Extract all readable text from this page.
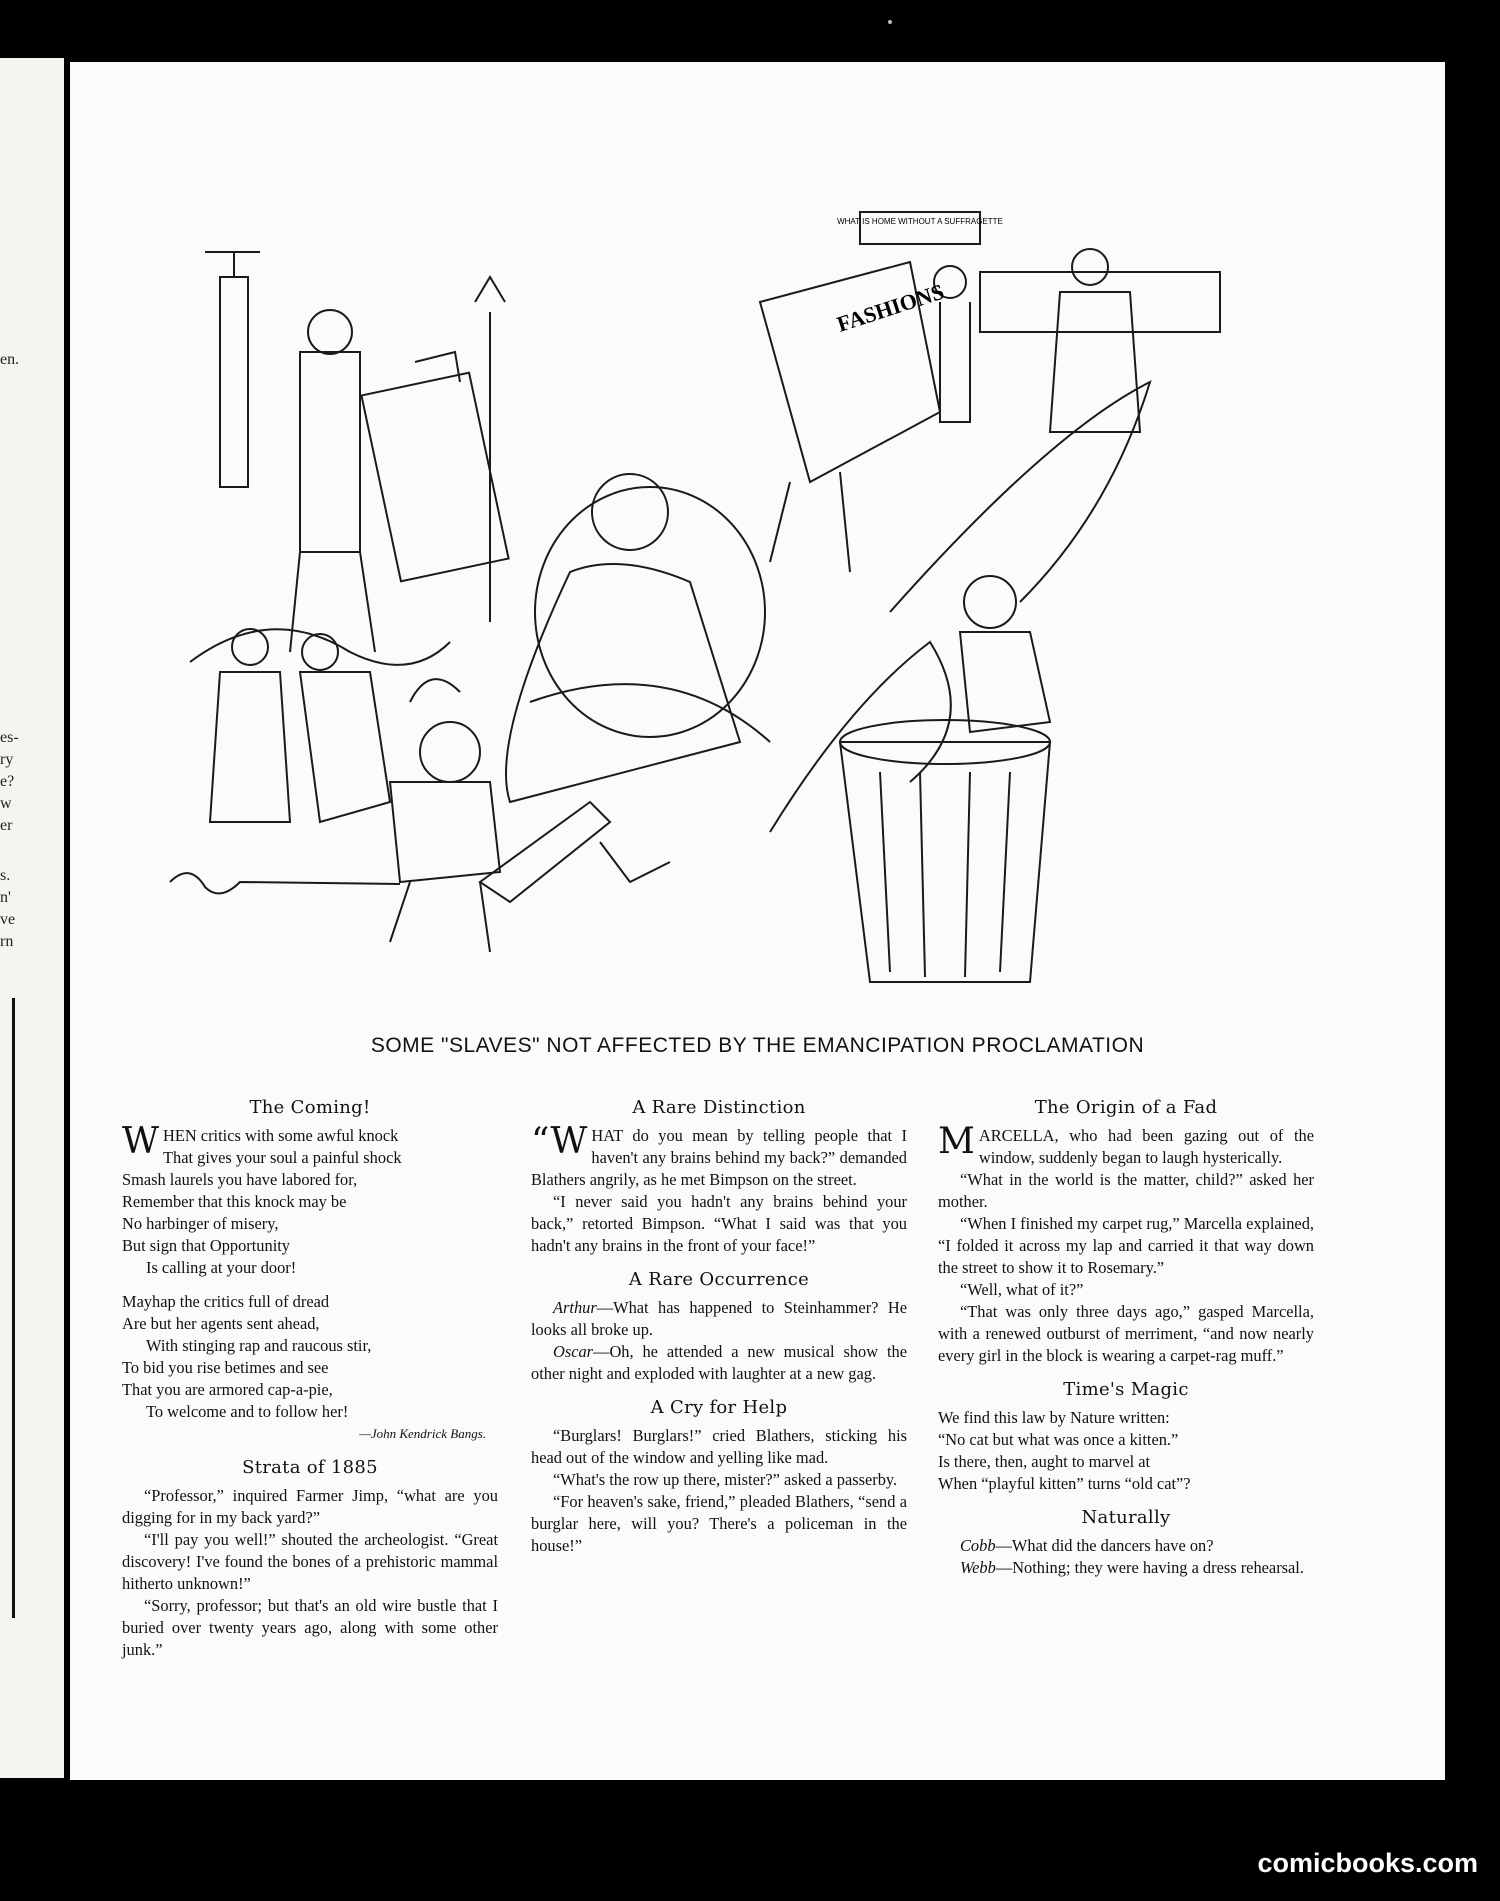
en.
es-
ry
e?
w
er
s.
n'
ve
rn
WHAT IS HOME WITHOUT A SUFFRAGETTE
FASHIONS
SOME "SLAVES" NOT AFFECTED BY THE EMANCIPATION PROCLAMATION
The Coming!
WHEN critics with some awful knock
That gives your soul a painful shock
Smash laurels you have labored for,
Remember that this knock may be
No harbinger of misery,
But sign that Opportunity
Is calling at your door!
Mayhap the critics full of dread
Are but her agents sent ahead,
With stinging rap and raucous stir,
To bid you rise betimes and see
That you are armored cap-a-pie,
To welcome and to follow her!
—John Kendrick Bangs.
Strata of 1885

“Professor,” inquired Farmer Jimp, “what are you digging for in my back yard?”

“I'll pay you well!” shouted the archeologist. “Great discovery! I've found the bones of a prehistoric mammal hitherto unknown!”

“Sorry, professor; but that's an old wire bustle that I buried over twenty years ago, along with some other junk.”

A Rare Distinction

“WHAT do you mean by telling people that I haven't any brains behind my back?” demanded Blathers angrily, as he met Bimpson on the street.

“I never said you hadn't any brains behind your back,” retorted Bimpson. “What I said was that you hadn't any brains in the front of your face!”

A Rare Occurrence

Arthur—What has happened to Steinhammer? He looks all broke up.

Oscar—Oh, he attended a new musical show the other night and exploded with laughter at a new gag.

A Cry for Help

“Burglars! Burglars!” cried Blathers, sticking his head out of the window and yelling like mad.

“What's the row up there, mister?” asked a passerby.

“For heaven's sake, friend,” pleaded Blathers, “send a burglar here, will you? There's a policeman in the house!”

The Origin of a Fad

MARCELLA, who had been gazing out of the window, suddenly began to laugh hysterically.

“What in the world is the matter, child?” asked her mother.

“When I finished my carpet rug,” Marcella explained, “I folded it across my lap and carried it that way down the street to show it to Rosemary.”

“Well, what of it?”

“That was only three days ago,” gasped Marcella, with a renewed outburst of merriment, “and now nearly every girl in the block is wearing a carpet-rag muff.”

Time's Magic
We find this law by Nature written:
“No cat but what was once a kitten.”
Is there, then, aught to marvel at
When “playful kitten” turns “old cat”?
Naturally

Cobb—What did the dancers have on?

Webb—Nothing; they were having a dress rehearsal.

comicbooks.com
